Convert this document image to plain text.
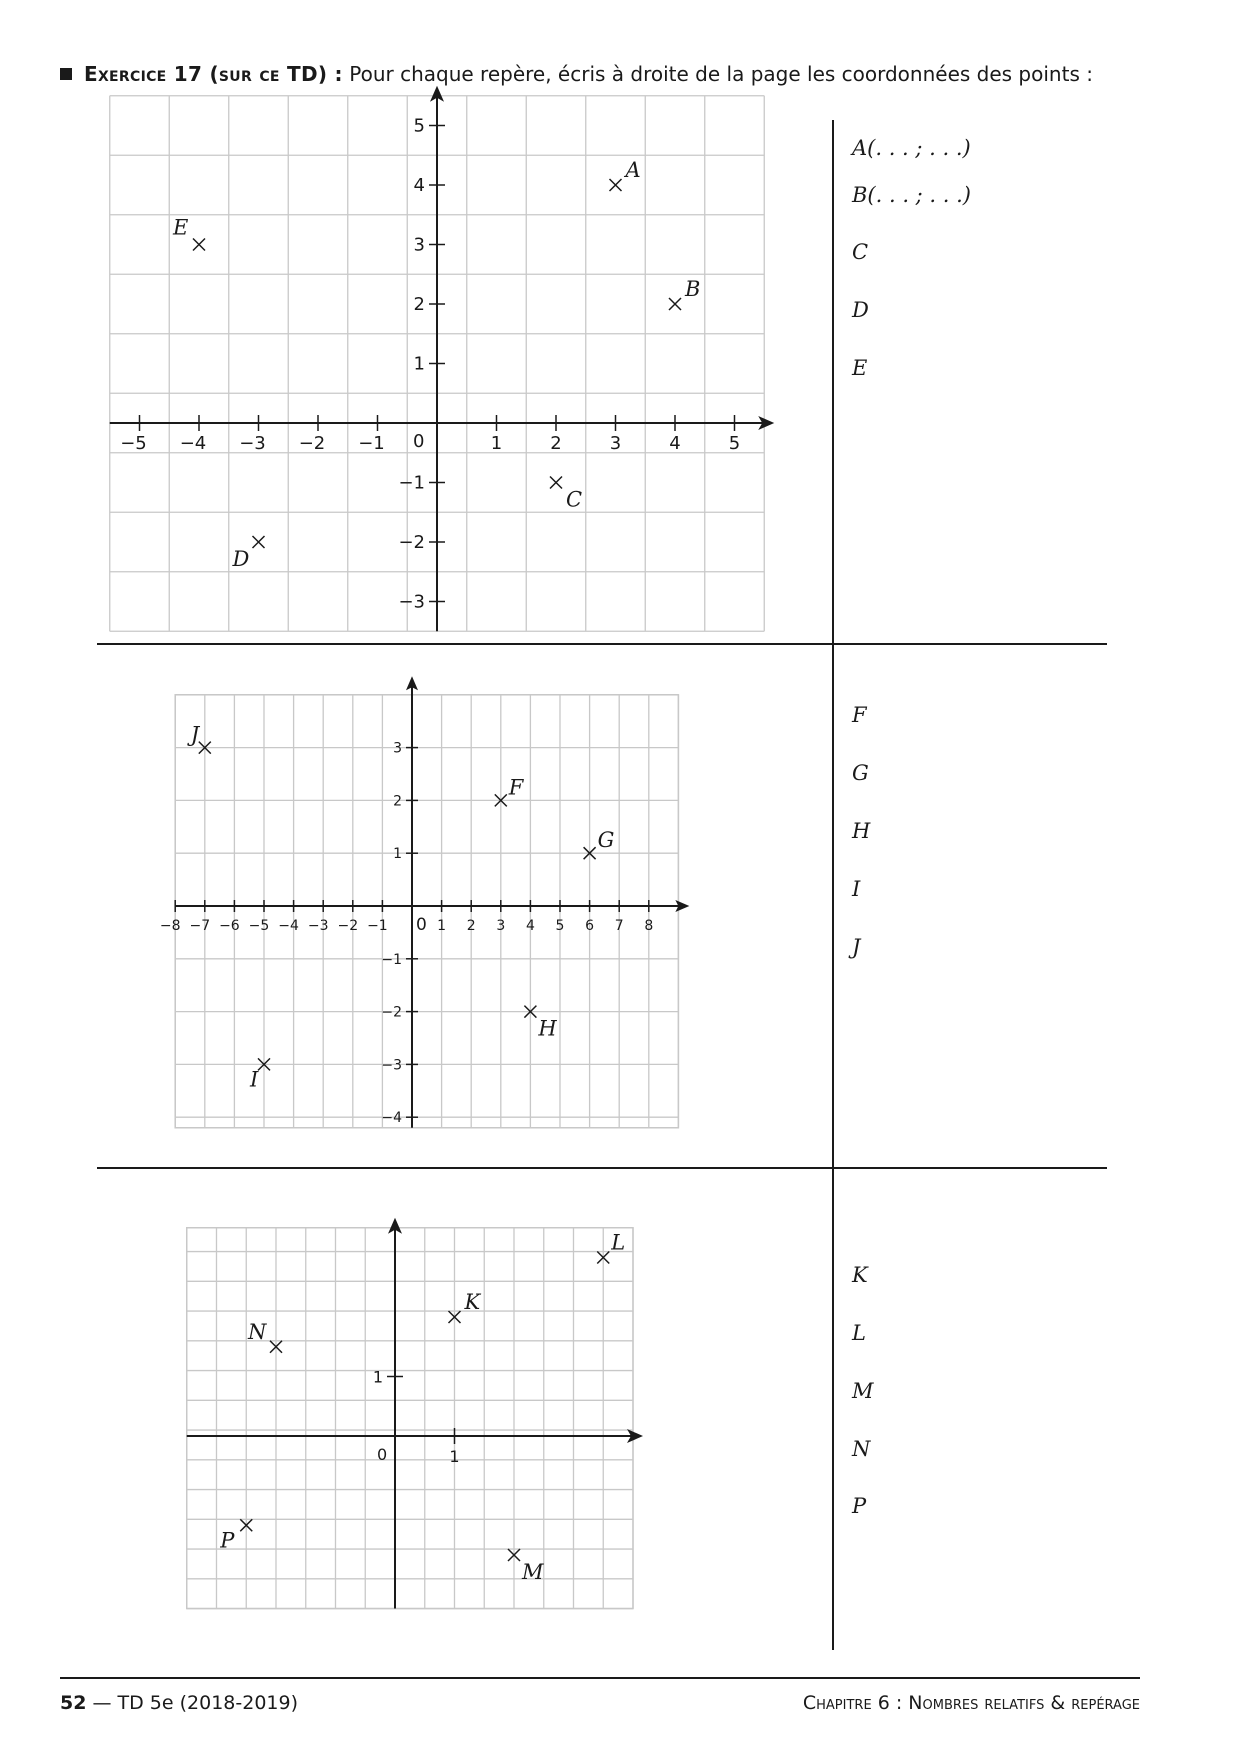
Exercice 17 (sur ce TD) : Pour chaque repère, écris à droite de la page les coordonnées des points :
−5 −4 −3 −2 −1	1	2	3	4	5
5
4
3
2
1
−1
−2
−3
0
A
B
C
D
E
−8 −7 −6 −5 −4 −3 −2 −1	1 2 3 4 5 6 7 8
3
2
1
−1
−2
−3
−4
0
F
G
H
I
J
1
1
0
K
L
M
N
P
A(. . . ; . . .)
B(. . . ; . . .)
C
D
E
F
G
H
I
J
K
L
M
N
P
52 — TD 5e (2018-2019)	Chapitre 6 : Nombres relatifs & repérage
